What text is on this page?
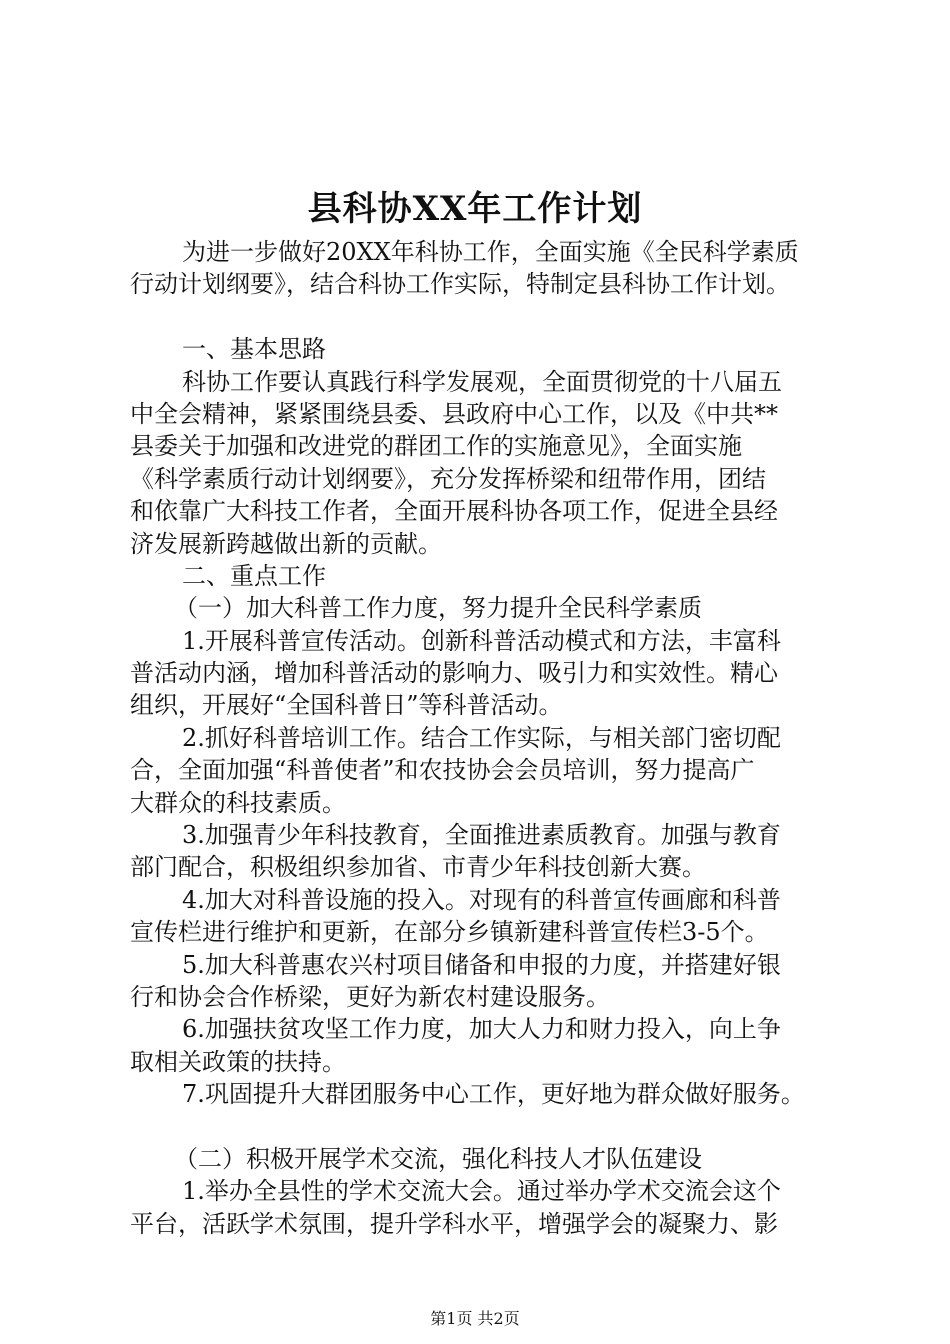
县科协XX年工作计划
为进一步做好20XX年科协工作，全面实施《全民科学素质
行动计划纲要》，结合科协工作实际，特制定县科协工作计划。
一、基本思路
科协工作要认真践行科学发展观，全面贯彻党的十八届五
中全会精神，紧紧围绕县委、县政府中心工作，以及《中共**
县委关于加强和改进党的群团工作的实施意见》，全面实施
《科学素质行动计划纲要》，充分发挥桥梁和纽带作用，团结
和依靠广大科技工作者，全面开展科协各项工作，促进全县经
济发展新跨越做出新的贡献。
二、重点工作
（一）加大科普工作力度，努力提升全民科学素质
1.开展科普宣传活动。创新科普活动模式和方法，丰富科
普活动内涵，增加科普活动的影响力、吸引力和实效性。精心
组织，开展好“全国科普日”等科普活动。
2.抓好科普培训工作。结合工作实际，与相关部门密切配
合，全面加强“科普使者”和农技协会会员培训，努力提高广
大群众的科技素质。
3.加强青少年科技教育，全面推进素质教育。加强与教育
部门配合，积极组织参加省、市青少年科技创新大赛。
4.加大对科普设施的投入。对现有的科普宣传画廊和科普
宣传栏进行维护和更新，在部分乡镇新建科普宣传栏3-5个。
5.加大科普惠农兴村项目储备和申报的力度，并搭建好银
行和协会合作桥梁，更好为新农村建设服务。
6.加强扶贫攻坚工作力度，加大人力和财力投入，向上争
取相关政策的扶持。
7.巩固提升大群团服务中心工作，更好地为群众做好服务。
（二）积极开展学术交流，强化科技人才队伍建设
1.举办全县性的学术交流大会。通过举办学术交流会这个
平台，活跃学术氛围，提升学科水平，增强学会的凝聚力、影
第1页 共2页
